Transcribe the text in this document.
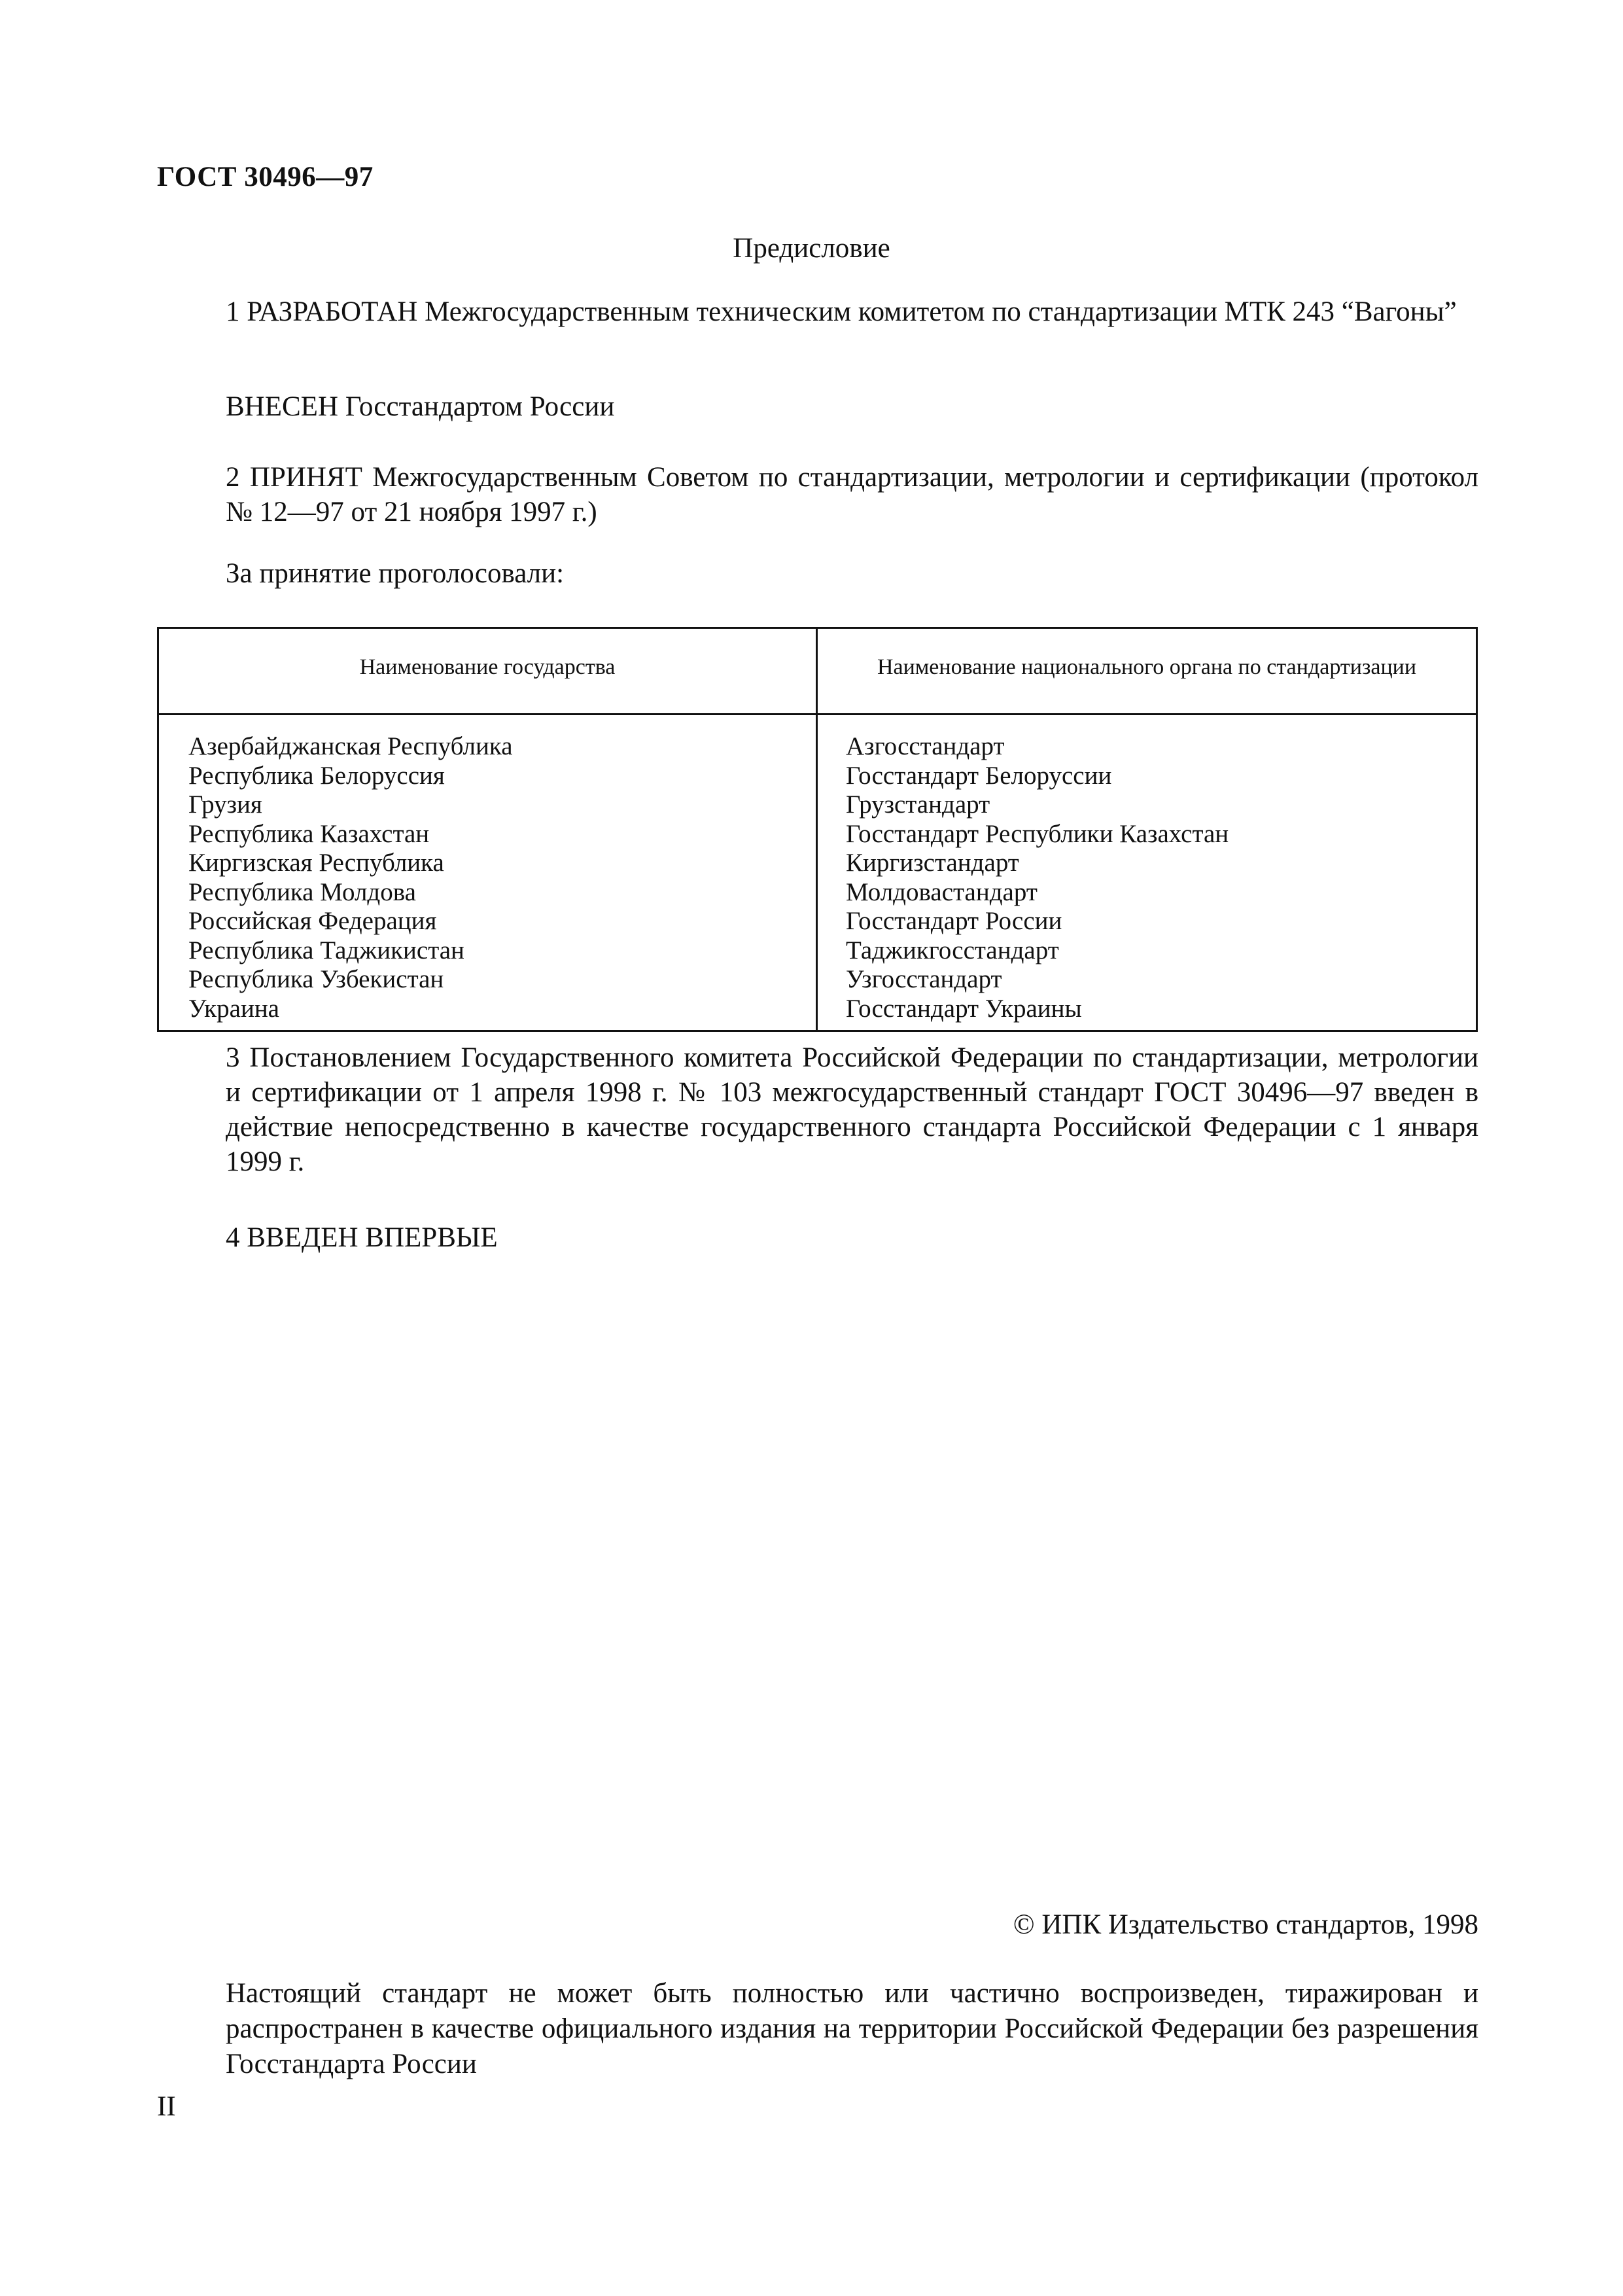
ГОСТ 30496—97
Предисловие
1 РАЗРАБОТАН Межгосударственным техническим комитетом по стандартизации МТК 243 “Вагоны”
ВНЕСЕН Госстандартом России
2 ПРИНЯТ Межгосударственным Советом по стандартизации, метрологии и сертификации (протокол № 12—97 от 21 ноября 1997 г.)
За принятие проголосовали:
Наименование государства	Наименование национального органа по стандартизации
Азербайджанская Республика
Республика Белоруссия
Грузия
Республика Казахстан
Киргизская Республика
Республика Молдова
Российская Федерация
Республика Таджикистан
Республика Узбекистан
Украина
Азгосстандарт
Госстандарт Белоруссии
Грузстандарт
Госстандарт Республики Казахстан
Киргизстандарт
Молдовастандарт
Госстандарт России
Таджикгосстандарт
Узгосстандарт
Госстандарт Украины
3 Постановлением Государственного комитета Российской Федерации по стандартизации, метрологии и сертификации от 1 апреля 1998 г. № 103 межгосударственный стандарт ГОСТ 30496—97 введен в действие непосредственно в качестве государственного стандарта Российской Федерации с 1 января 1999 г.
4 ВВЕДЕН ВПЕРВЫЕ
© ИПК Издательство стандартов, 1998
Настоящий стандарт не может быть полностью или частично воспроизведен, тиражирован и распространен в качестве официального издания на территории Российской Федерации без разрешения Госстандарта России
II
